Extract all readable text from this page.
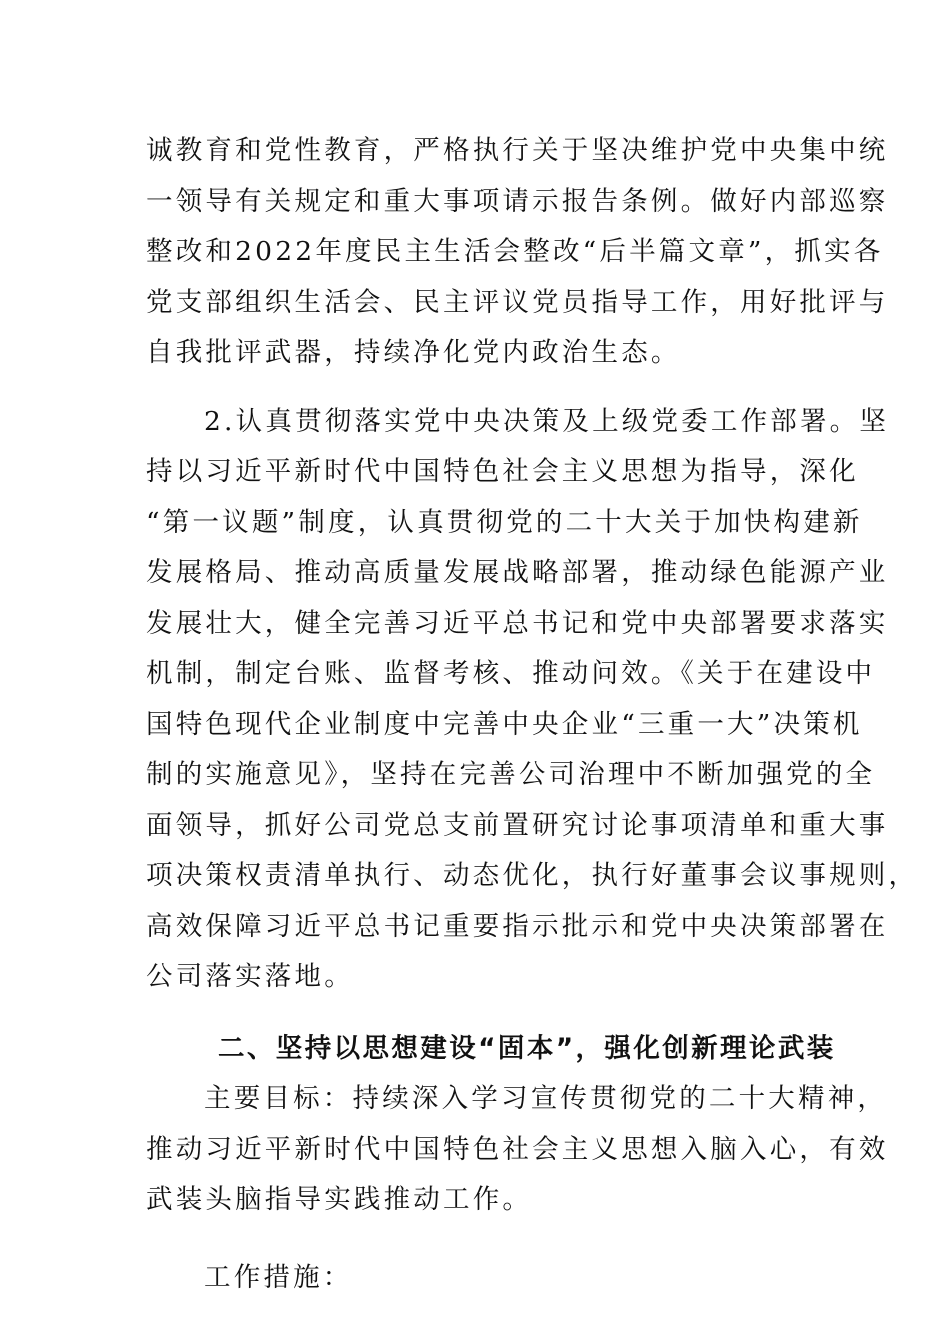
诚教育和党性教育，严格执行关于坚决维护党中央集中统
一领导有关规定和重大事项请示报告条例。做好内部巡察
整改和2022年度民主生活会整改“后半篇文章”，抓实各
党支部组织生活会、民主评议党员指导工作，用好批评与
自我批评武器，持续净化党内政治生态。
2.认真贯彻落实党中央决策及上级党委工作部署。坚
持以习近平新时代中国特色社会主义思想为指导，深化
“第一议题”制度，认真贯彻党的二十大关于加快构建新
发展格局、推动高质量发展战略部署，推动绿色能源产业
发展壮大，健全完善习近平总书记和党中央部署要求落实
机制，制定台账、监督考核、推动问效。《关于在建设中
国特色现代企业制度中完善中央企业“三重一大”决策机
制的实施意见》，坚持在完善公司治理中不断加强党的全
面领导，抓好公司党总支前置研究讨论事项清单和重大事
项决策权责清单执行、动态优化，执行好董事会议事规则，
高效保障习近平总书记重要指示批示和党中央决策部署在
公司落实落地。
二、坚持以思想建设“固本”，强化创新理论武装
主要目标：持续深入学习宣传贯彻党的二十大精神，
推动习近平新时代中国特色社会主义思想入脑入心，有效
武装头脑指导实践推动工作。
工作措施：
